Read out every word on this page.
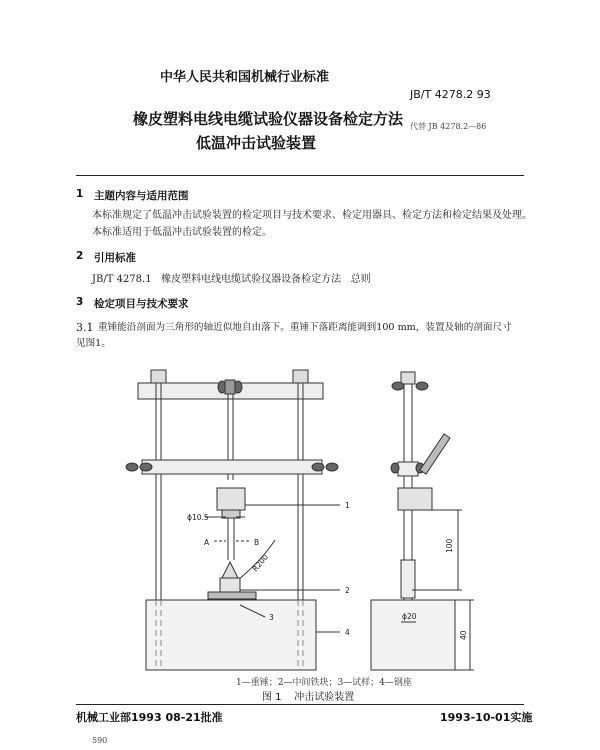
中华人民共和国机械行业标准
JB/T 4278.2 93
橡皮塑料电线电缆试验仪器设备检定方法
低温冲击试验装置
代替 JB 4278.2—86
1 主题内容与适用范围
本标准规定了低温冲击试验装置的检定项目与技术要求、检定用器具、检定方法和检定结果及处理。
本标准适用于低温冲击试验装置的检定。
2 引用标准
JB/T 4278.1   橡皮塑料电线电缆试验仪器设备检定方法   总则
3 检定项目与技术要求
3.1 重锤能沿剖面为三角形的轴近似地自由落下。重锤下落距离能调到100 mm，装置及轴的剖面尺寸
见图1。
ϕ10.5
A	B
R200
1
2
3
4
100
ϕ20
40
1—重锤；2—中间铁块；3—试样；4—钢座
图 1    冲击试验装置
机械工业部1993 08-21批准	1993-10-01实施
590
